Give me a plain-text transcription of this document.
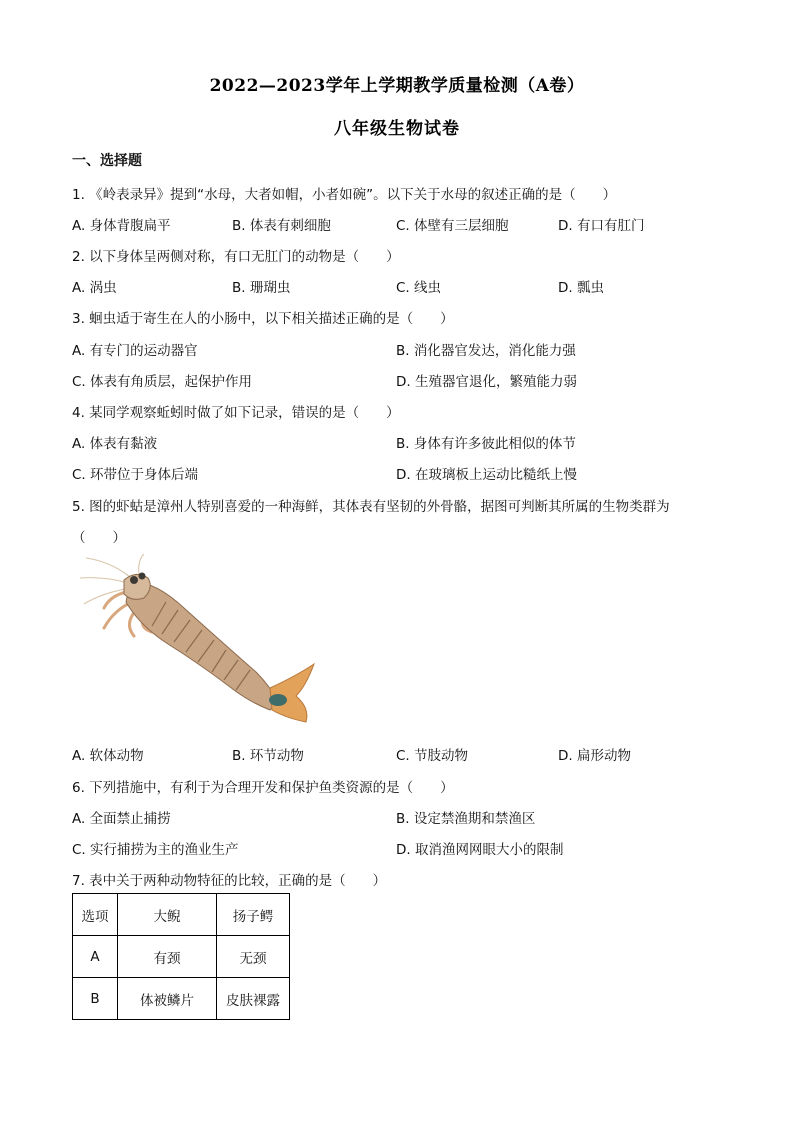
2022—2023学年上学期教学质量检测（A卷）
八年级生物试卷
一、选择题
1. 《岭表录异》提到“水母，大者如帽，小者如碗”。以下关于水母的叙述正确的是（　　）
A. 身体背腹扁平	B. 体表有刺细胞	C. 体壁有三层细胞	D. 有口有肛门
2. 以下身体呈两侧对称，有口无肛门的动物是（　　）
A. 涡虫	B. 珊瑚虫	C. 线虫	D. 瓢虫
3. 蛔虫适于寄生在人的小肠中，以下相关描述正确的是（　　）
A. 有专门的运动器官	B. 消化器官发达，消化能力强
C. 体表有角质层，起保护作用	D. 生殖器官退化，繁殖能力弱
4. 某同学观察蚯蚓时做了如下记录，错误的是（　　）
A. 体表有黏液	B. 身体有许多彼此相似的体节
C. 环带位于身体后端	D. 在玻璃板上运动比糙纸上慢
5. 图的虾蛄是漳州人特别喜爱的一种海鲜，其体表有坚韧的外骨骼，据图可判断其所属的生物类群为
（　　）
A. 软体动物	B. 环节动物	C. 节肢动物	D. 扁形动物
6. 下列措施中，有利于为合理开发和保护鱼类资源的是（　　）
A. 全面禁止捕捞	B. 设定禁渔期和禁渔区
C. 实行捕捞为主的渔业生产	D. 取消渔网网眼大小的限制
7. 表中关于两种动物特征的比较，正确的是（　　）
选项	大鲵	扬子鳄
A	有颈	无颈
B	体被鳞片	皮肤裸露
